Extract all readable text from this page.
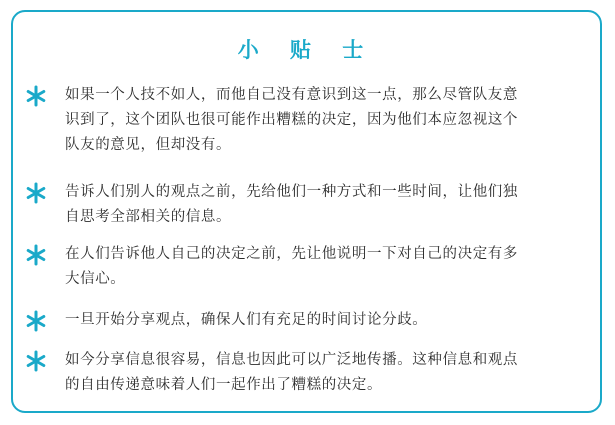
小 贴 士
如果一个人技不如人，而他自己没有意识到这一点，那么尽管队友意
识到了，这个团队也很可能作出糟糕的决定，因为他们本应忽视这个
队友的意见，但却没有。
告诉人们别人的观点之前，先给他们一种方式和一些时间，让他们独
自思考全部相关的信息。
在人们告诉他人自己的决定之前，先让他说明一下对自己的决定有多
大信心。
一旦开始分享观点，确保人们有充足的时间讨论分歧。
如今分享信息很容易，信息也因此可以广泛地传播。这种信息和观点
的自由传递意味着人们一起作出了糟糕的决定。
